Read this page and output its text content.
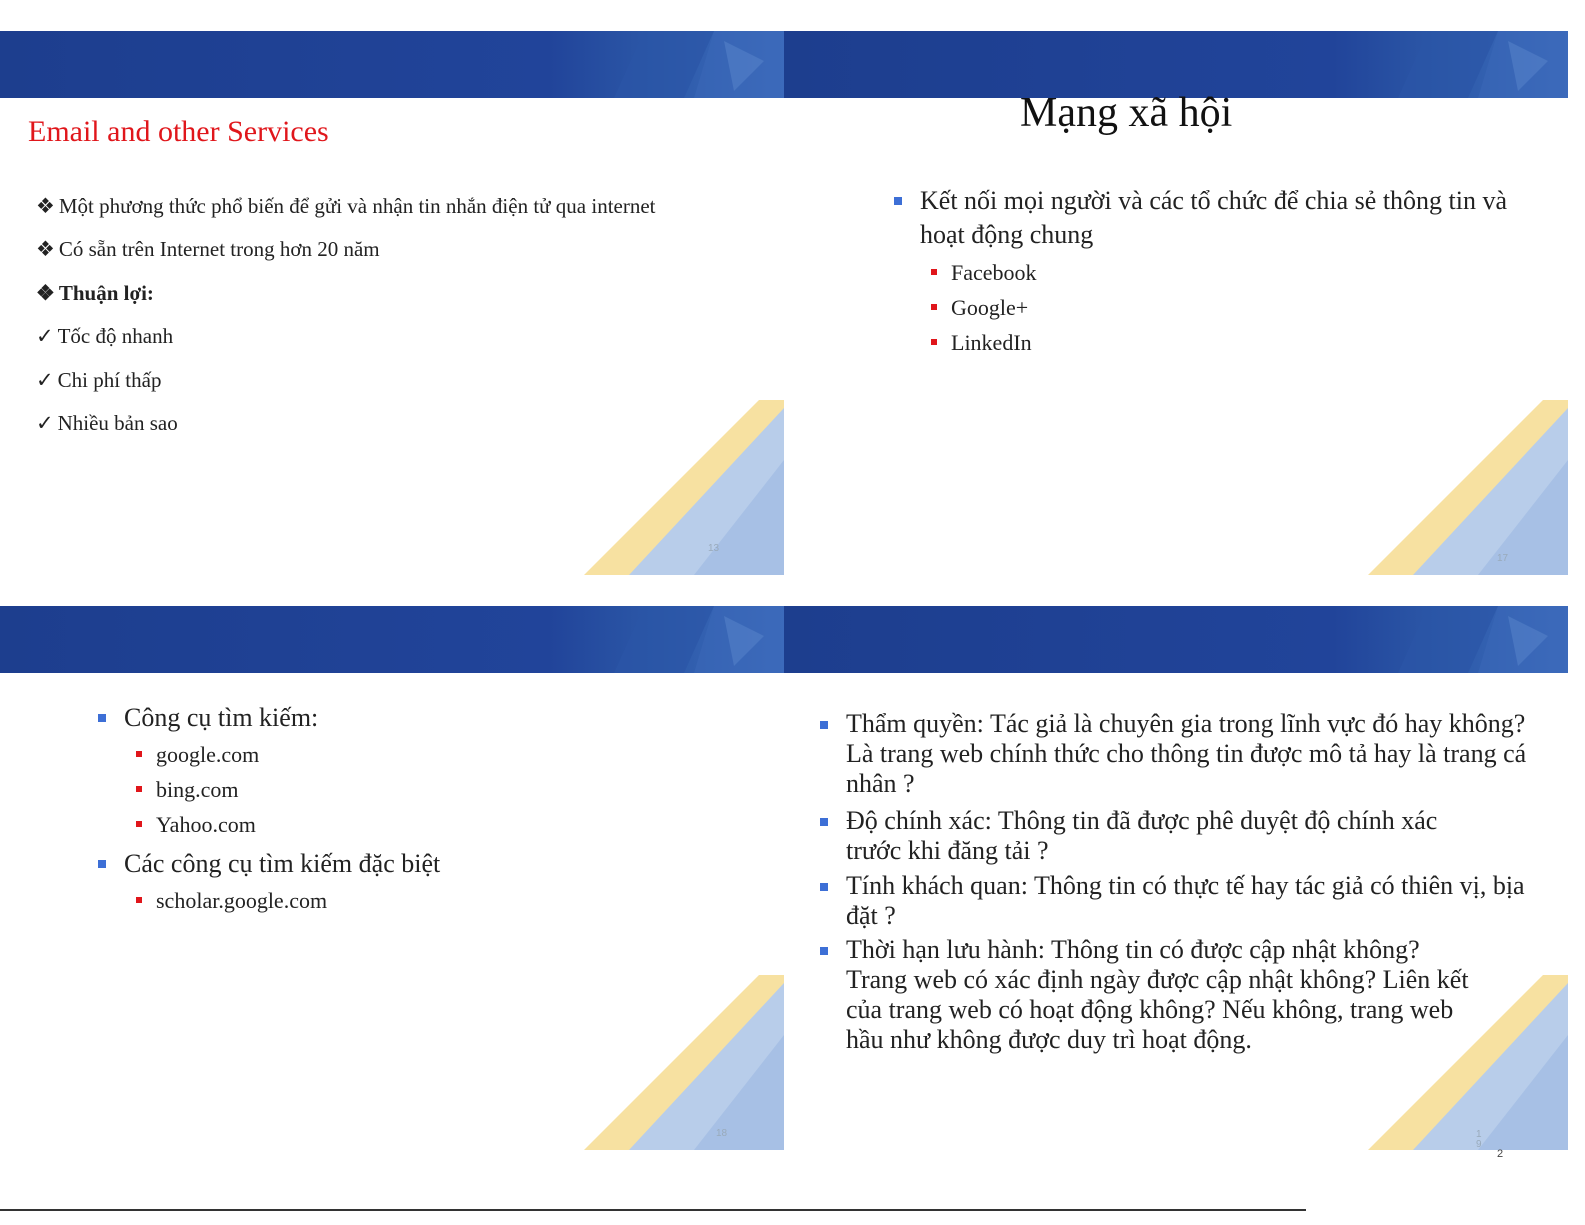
Email and other Services
❖ Một phương thức phổ biến để gửi và nhận tin nhắn điện tử qua internet
❖ Có sẵn trên Internet trong hơn 20 năm
❖ Thuận lợi:
✓ Tốc độ nhanh
✓ Chi phí thấp
✓ Nhiều bản sao
13
Mạng xã hội
Kết nối mọi người và các tổ chức để chia sẻ thông tin và hoạt động chung
Facebook
Google+
LinkedIn
17
Công cụ tìm kiếm:
google.com
bing.com
Yahoo.com
Các công cụ tìm kiếm đặc biệt
scholar.google.com
18
Thẩm quyền: Tác giả là chuyên gia trong lĩnh vực đó hay không? Là trang web chính thức cho thông tin được mô tả hay là trang cá nhân ?
Độ chính xác: Thông tin đã được phê duyệt độ chính xác trước khi đăng tải ?
Tính khách quan: Thông tin có thực tế hay tác giả có thiên vị, bịa đặt ?
Thời hạn lưu hành: Thông tin có được cập nhật không? Trang web có xác định ngày được cập nhật không? Liên kết của trang web có hoạt động không? Nếu không, trang web hầu như không được duy trì hoạt động.
19
2
